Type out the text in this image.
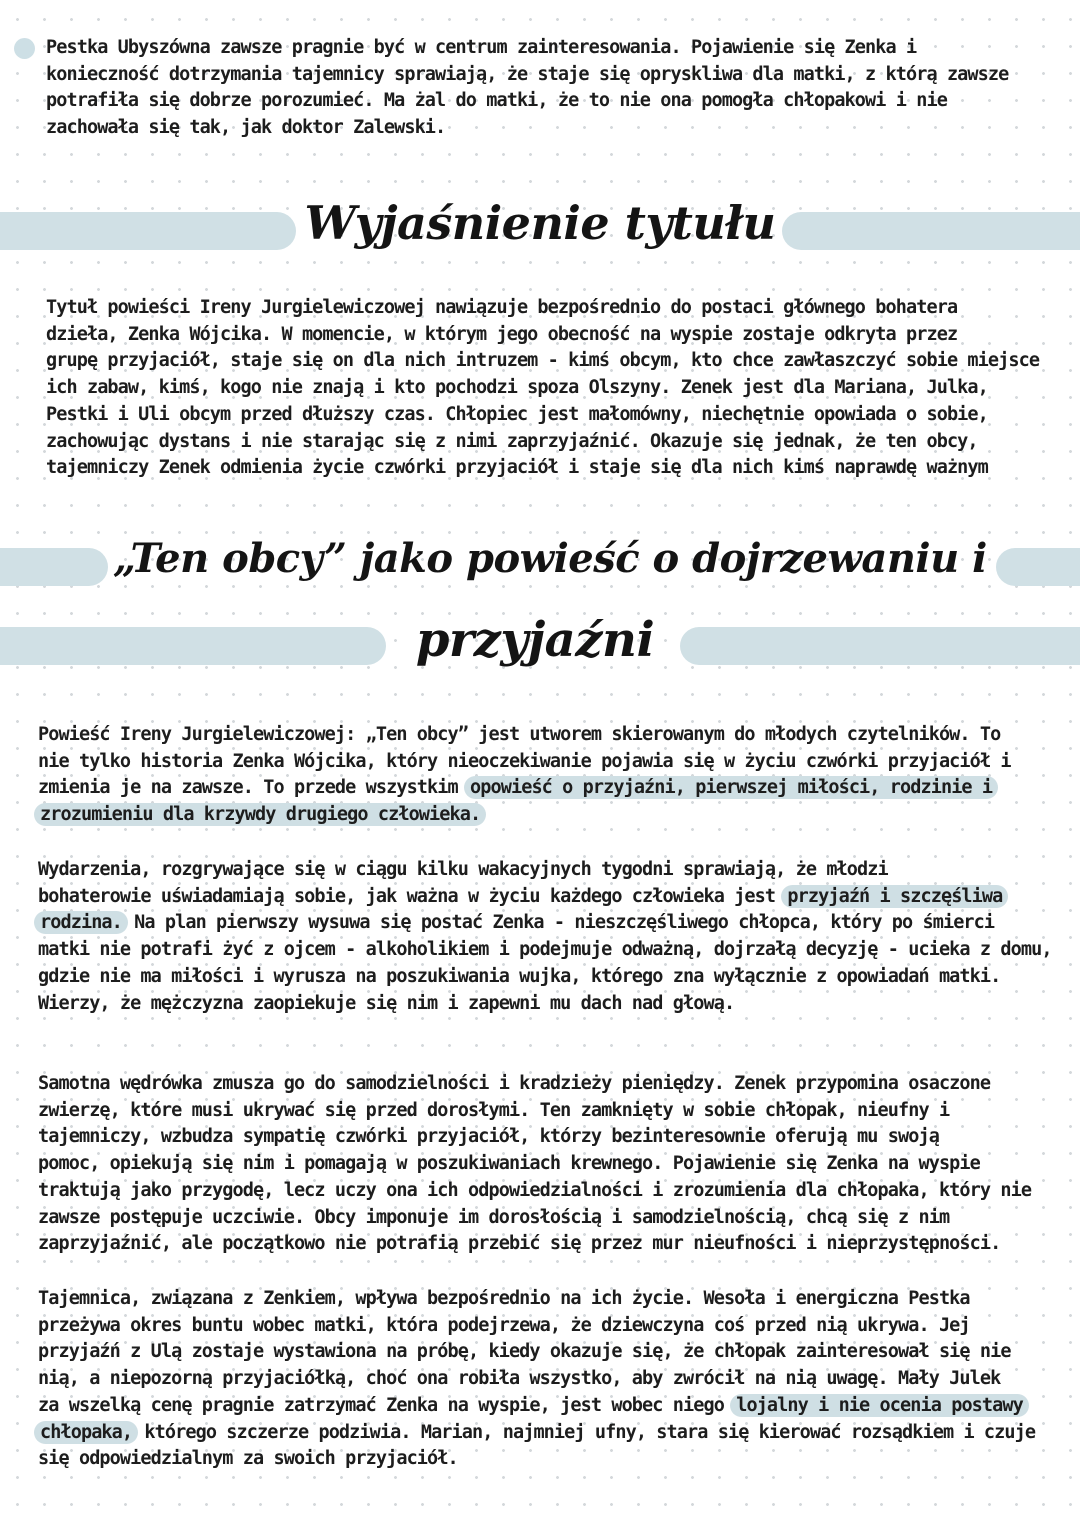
Pestka Ubyszówna zawsze pragnie być w centrum zainteresowania. Pojawienie się Zenka i
konieczność dotrzymania tajemnicy sprawiają, że staje się opryskliwa dla matki, z którą zawsze
potrafiła się dobrze porozumieć. Ma żal do matki, że to nie ona pomogła chłopakowi i nie
zachowała się tak, jak doktor Zalewski.
Wyjaśnienie tytułu
Tytuł powieści Ireny Jurgielewiczowej nawiązuje bezpośrednio do postaci głównego bohatera
dzieła, Zenka Wójcika. W momencie, w którym jego obecność na wyspie zostaje odkryta przez
grupę przyjaciół, staje się on dla nich intruzem - kimś obcym, kto chce zawłaszczyć sobie miejsce
ich zabaw, kimś, kogo nie znają i kto pochodzi spoza Olszyny. Zenek jest dla Mariana, Julka,
Pestki i Uli obcym przed dłuższy czas. Chłopiec jest małomówny, niechętnie opowiada o sobie,
zachowując dystans i nie starając się z nimi zaprzyjaźnić. Okazuje się jednak, że ten obcy,
tajemniczy Zenek odmienia życie czwórki przyjaciół i staje się dla nich kimś naprawdę ważnym
„Ten obcy” jako powieść o dojrzewaniu i
przyjaźni
Powieść Ireny Jurgielewiczowej: „Ten obcy” jest utworem skierowanym do młodych czytelników. To
nie tylko historia Zenka Wójcika, który nieoczekiwanie pojawia się w życiu czwórki przyjaciół i
zmienia je na zawsze. To przede wszystkim opowieść o przyjaźni, pierwszej miłości, rodzinie i
zrozumieniu dla krzywdy drugiego człowieka.
Wydarzenia, rozgrywające się w ciągu kilku wakacyjnych tygodni sprawiają, że młodzi
bohaterowie uświadamiają sobie, jak ważna w życiu każdego człowieka jest przyjaźń i szczęśliwa
rodzina. Na plan pierwszy wysuwa się postać Zenka - nieszczęśliwego chłopca, który po śmierci
matki nie potrafi żyć z ojcem - alkoholikiem i podejmuje odważną, dojrzałą decyzję - ucieka z domu,
gdzie nie ma miłości i wyrusza na poszukiwania wujka, którego zna wyłącznie z opowiadań matki.
Wierzy, że mężczyzna zaopiekuje się nim i zapewni mu dach nad głową.
Samotna wędrówka zmusza go do samodzielności i kradzieży pieniędzy. Zenek przypomina osaczone
zwierzę, które musi ukrywać się przed dorosłymi. Ten zamknięty w sobie chłopak, nieufny i
tajemniczy, wzbudza sympatię czwórki przyjaciół, którzy bezinteresownie oferują mu swoją
pomoc, opiekują się nim i pomagają w poszukiwaniach krewnego. Pojawienie się Zenka na wyspie
traktują jako przygodę, lecz uczy ona ich odpowiedzialności i zrozumienia dla chłopaka, który nie
zawsze postępuje uczciwie. Obcy imponuje im dorosłością i samodzielnością, chcą się z nim
zaprzyjaźnić, ale początkowo nie potrafią przebić się przez mur nieufności i nieprzystępności.
Tajemnica, związana z Zenkiem, wpływa bezpośrednio na ich życie. Wesoła i energiczna Pestka
przeżywa okres buntu wobec matki, która podejrzewa, że dziewczyna coś przed nią ukrywa. Jej
przyjaźń z Ulą zostaje wystawiona na próbę, kiedy okazuje się, że chłopak zainteresował się nie
nią, a niepozorną przyjaciółką, choć ona robiła wszystko, aby zwrócił na nią uwagę. Mały Julek
za wszelką cenę pragnie zatrzymać Zenka na wyspie, jest wobec niego lojalny i nie ocenia postawy
chłopaka, którego szczerze podziwia. Marian, najmniej ufny, stara się kierować rozsądkiem i czuje
się odpowiedzialnym za swoich przyjaciół.
